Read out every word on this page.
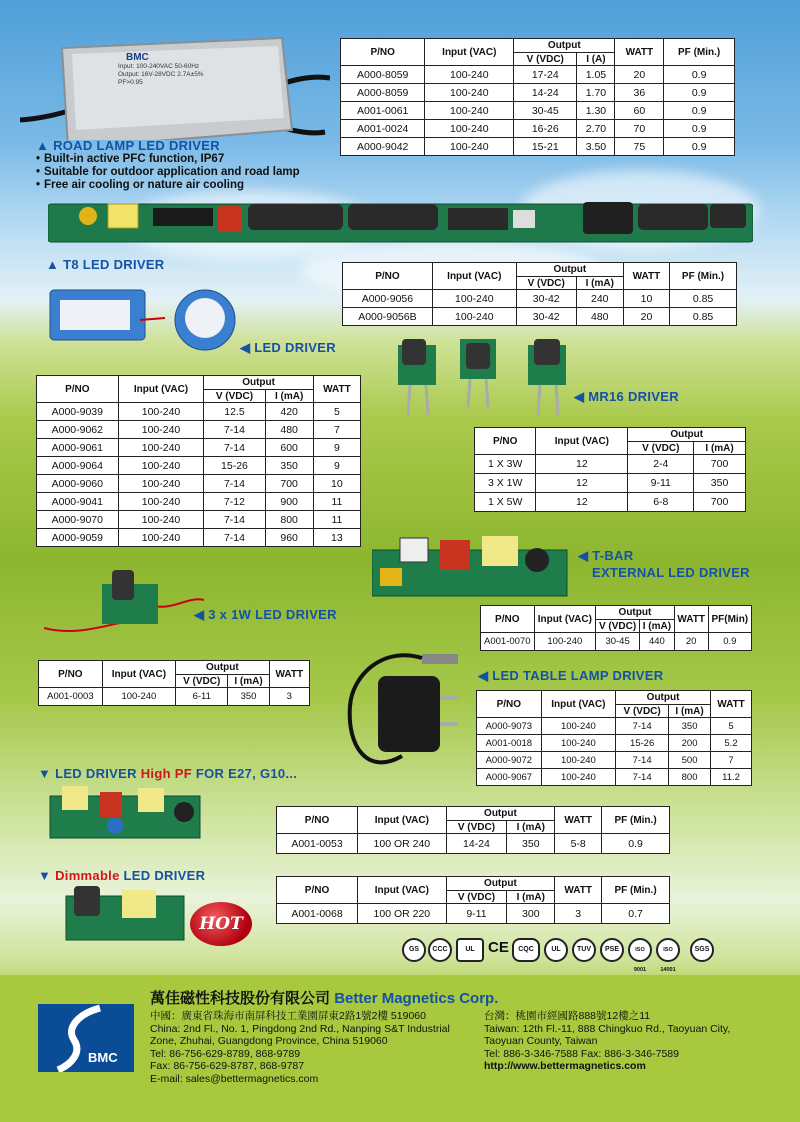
BMC
Input: 100-240VAC 50-60Hz
Output: 16V-28VDC 2.7A±5%
PF>0.95
▲ ROAD LAMP LED DRIVER
• Built-in active PFC function, IP67
• Suitable for outdoor application and road lamp
• Free air cooling or nature air cooling
P/NO	Input (VAC)	Output		WATT	PF (Min.)
		V (VDC)	I (A)		
A000-8059	100-240	17-24	1.05	20	0.9
A000-8059	100-240	14-24	1.70	36	0.9
A001-0061	100-240	30-45	1.30	60	0.9
A001-0024	100-240	16-26	2.70	70	0.9
A000-9042	100-240	15-21	3.50	75	0.9
▲ T8 LED DRIVER
P/NO	Input (VAC)	Output		WATT	PF (Min.)
		V (VDC)	I (mA)		
A000-9056	100-240	30-42	240	10	0.85
A000-9056B	100-240	30-42	480	20	0.85
◀ LED DRIVER
P/NO	Input (VAC)	Output		WATT
		V (VDC)	I (mA)	
A000-9039	100-240	12.5	420	5
A000-9062	100-240	7-14	480	7
A000-9061	100-240	7-14	600	9
A000-9064	100-240	15-26	350	9
A000-9060	100-240	7-14	700	10
A000-9041	100-240	7-12	900	11
A000-9070	100-240	7-14	800	11
A000-9059	100-240	7-14	960	13
◀ MR16 DRIVER
P/NO	Input (VAC)	Output	
		V (VDC)	I (mA)
1 X 3W	12	2-4	700
3 X 1W	12	9-11	350
1 X 5W	12	6-8	700
◀ T-BAR
EXTERNAL LED DRIVER
P/NO	Input (VAC)	Output		WATT	PF(Min)
		V (VDC)	I (mA)		
A001-0070	100-240	30-45	440	20	0.9
◀ 3 x 1W LED DRIVER
P/NO	Input (VAC)	Output		WATT
		V (VDC)	I (mA)	
A001-0003	100-240	6-11	350	3
◀ LED TABLE LAMP DRIVER
P/NO	Input (VAC)	Output		WATT
		V (VDC)	I (mA)	
A000-9073	100-240	7-14	350	5
A001-0018	100-240	15-26	200	5.2
A000-9072	100-240	7-14	500	7
A000-9067	100-240	7-14	800	11.2
▼ LED DRIVER High PF FOR E27, G10...
P/NO	Input (VAC)	Output		WATT	PF (Min.)
		V (VDC)	I (mA)		
A001-0053	100 OR 240	14-24	350	5-8	0.9
▼ Dimmable LED DRIVER
HOT
P/NO	Input (VAC)	Output		WATT	PF (Min.)
		V (VDC)	I (mA)		
A001-0068	100 OR 220	9-11	300	3	0.7
GS	CCC	UL CE	CQC	UL	TUV	PSE	ISO 9001
ISO 14001
SGS
BMC
萬佳磁性科技股份有限公司 Better Magnetics Corp.
中國：廣東省珠海市南屏科技工業園屏東2路1號2樓 519060
China: 2nd Fl., No. 1, Pingdong 2nd Rd., Nanping S&T Industrial
Zone, Zhuhai, Guangdong Province, China 519060
Tel: 86-756-629-8789, 868-9789
Fax: 86-756-629-8787, 868-9787
E-mail: sales@bettermagnetics.com
台灣：桃園市經國路888號12樓之11
Taiwan: 12th Fl.-11, 888 Chingkuo Rd., Taoyuan City,
Taoyuan County, Taiwan
Tel: 886-3-346-7588 Fax: 886-3-346-7589
http://www.bettermagnetics.com
